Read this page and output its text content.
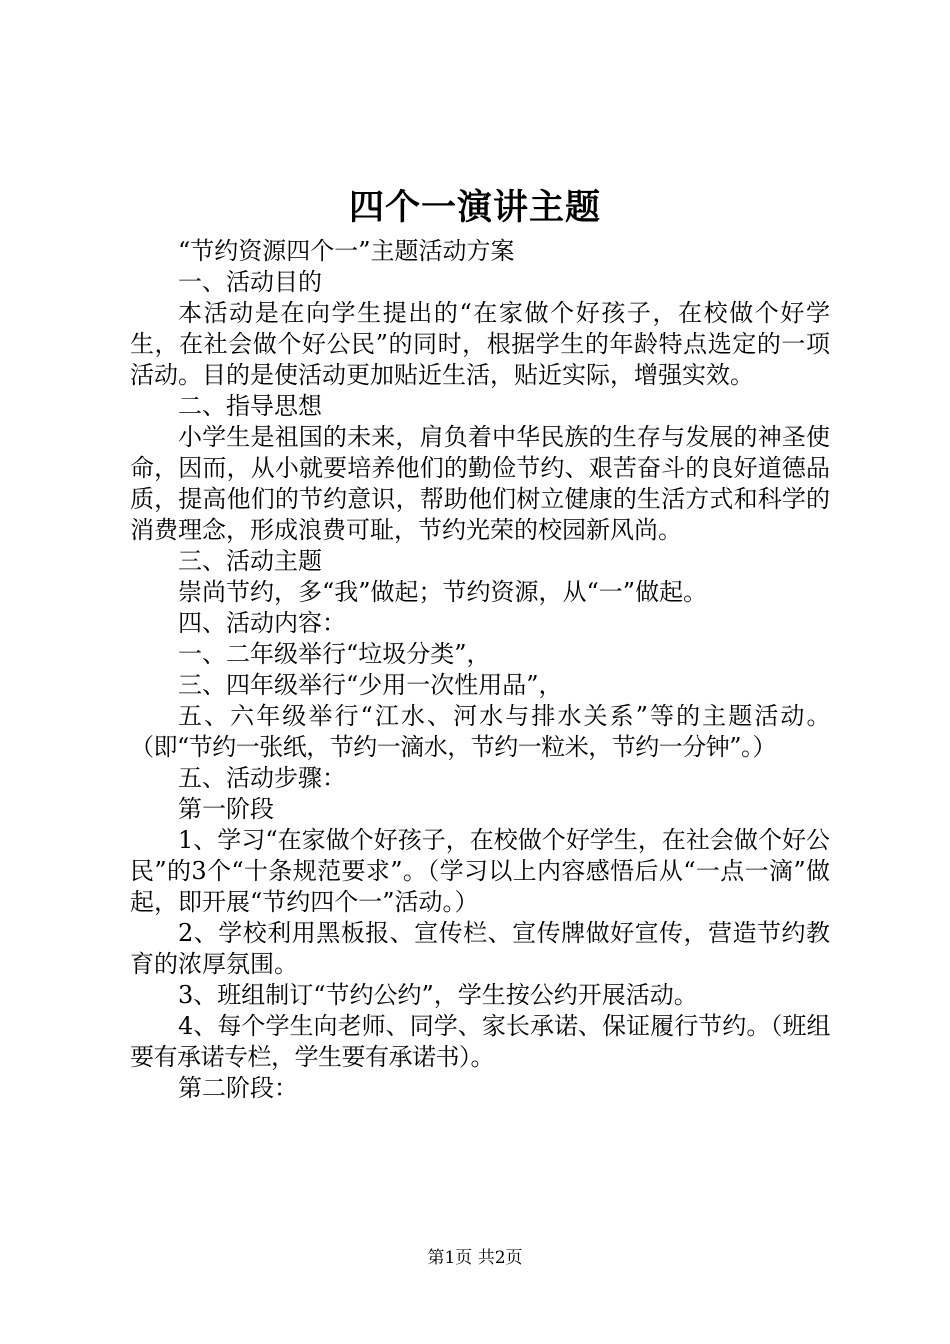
四个一演讲主题

“节约资源四个一”主题活动方案

一、活动目的

本活动是在向学生提出的“在家做个好孩子，在校做个好学生，在社会做个好公民”的同时，根据学生的年龄特点选定的一项活动。目的是使活动更加贴近生活，贴近实际，增强实效。

二、指导思想

小学生是祖国的未来，肩负着中华民族的生存与发展的神圣使命，因而，从小就要培养他们的勤俭节约、艰苦奋斗的良好道德品质，提高他们的节约意识，帮助他们树立健康的生活方式和科学的消费理念，形成浪费可耻，节约光荣的校园新风尚。

三、活动主题

崇尚节约，多“我”做起；节约资源，从“一”做起。

四、活动内容：

一、二年级举行“垃圾分类”，

三、四年级举行“少用一次性用品”，

五、六年级举行“江水、河水与排水关系”等的主题活动。（即“节约一张纸，节约一滴水，节约一粒米，节约一分钟”。）

五、活动步骤：

第一阶段

1、学习“在家做个好孩子，在校做个好学生，在社会做个好公民”的3个“十条规范要求”。（学习以上内容感悟后从“一点一滴”做起，即开展“节约四个一”活动。）

2、学校利用黑板报、宣传栏、宣传牌做好宣传，营造节约教育的浓厚氛围。

3、班组制订“节约公约”，学生按公约开展活动。

4、每个学生向老师、同学、家长承诺、保证履行节约。（班组要有承诺专栏，学生要有承诺书）。

第二阶段：

第1页 共2页
